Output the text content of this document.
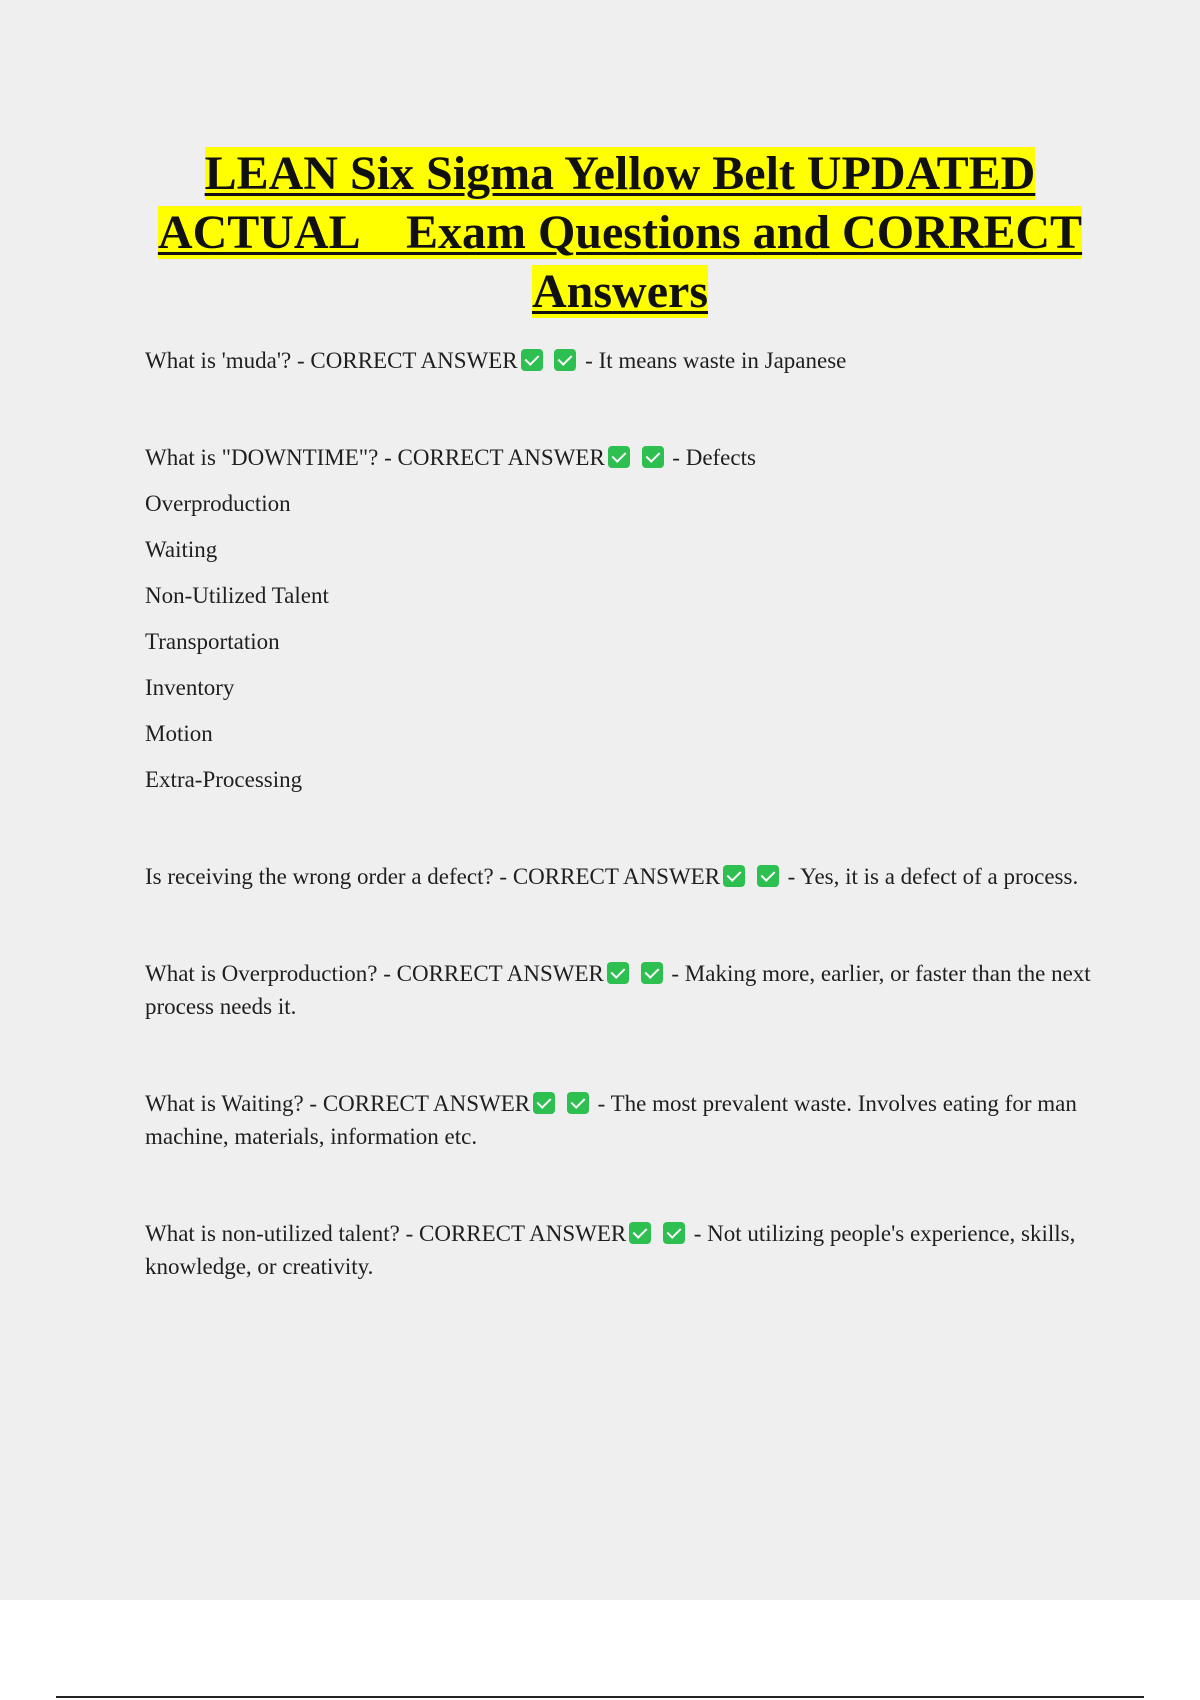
LEAN Six Sigma Yellow Belt UPDATED
ACTUAL    Exam Questions and CORRECT
Answers

What is 'muda'? - CORRECT ANSWER	- It means waste in Japanese

What is "DOWNTIME"? - CORRECT ANSWER	- Defects

Overproduction

Waiting

Non-Utilized Talent

Transportation

Inventory

Motion

Extra-Processing

Is receiving the wrong order a defect? - CORRECT ANSWER	- Yes, it is a defect of a process.

What is Overproduction? - CORRECT ANSWER	- Making more, earlier, or faster than the next process needs it.

What is Waiting? - CORRECT ANSWER	- The most prevalent waste. Involves eating for man machine, materials, information etc.

What is non-utilized talent? - CORRECT ANSWER	- Not utilizing people's experience, skills, knowledge, or creativity.
